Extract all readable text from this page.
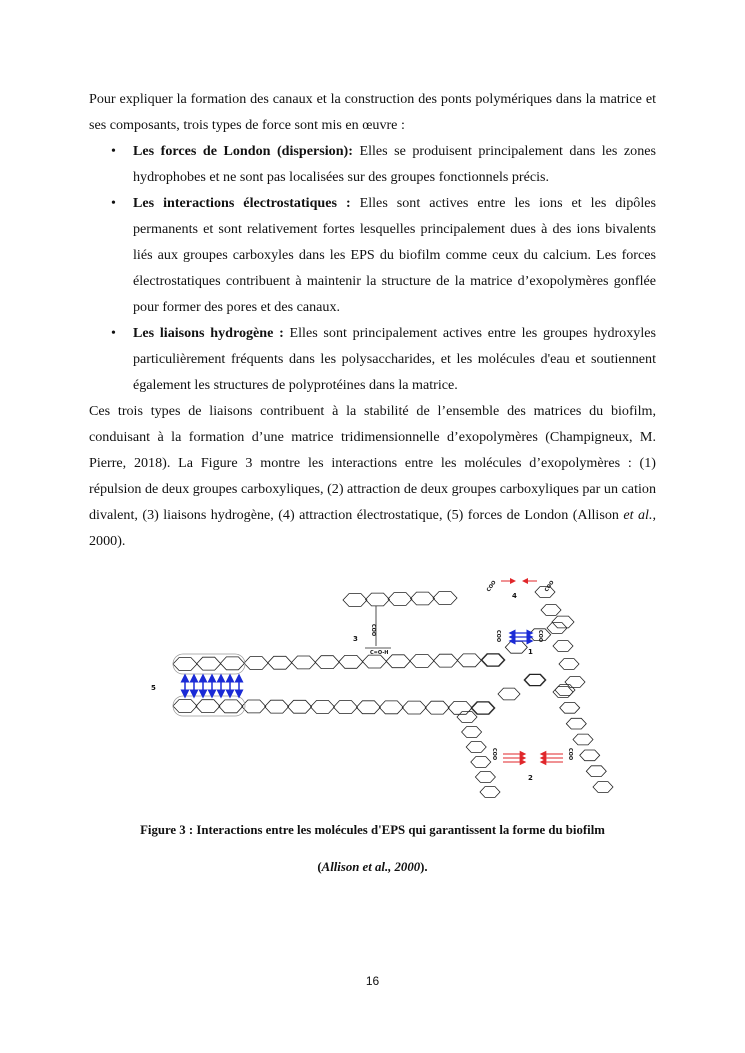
Pour expliquer la formation des canaux et la construction des ponts polymériques dans la matrice et ses composants, trois types de force sont mis en œuvre :

• Les forces de London (dispersion): Elles se produisent principalement dans les zones hydrophobes et ne sont pas localisées sur des groupes fonctionnels précis.
• Les interactions électrostatiques : Elles sont actives entre les ions et les dipôles permanents et sont relativement fortes lesquelles principalement dues à des ions bivalents liés aux groupes carboxyles dans les EPS du biofilm comme ceux du calcium. Les forces électrostatiques contribuent à maintenir la structure de la matrice d’exopolymères gonflée pour former des pores et des canaux.
• Les liaisons hydrogène : Elles sont principalement actives entre les groupes hydroxyles particulièrement fréquents dans les polysaccharides, et les molécules d'eau et soutiennent également les structures de polyprotéines dans la matrice.

Ces trois types de liaisons contribuent à la stabilité de l’ensemble des matrices du biofilm, conduisant à la formation d’une matrice tridimensionnelle d’exopolymères (Champigneux, M. Pierre, 2018). La Figure 3 montre les interactions entre les molécules d’exopolymères : (1) répulsion de deux groupes carboxyliques, (2) attraction de deux groupes carboxyliques par un cation divalent, (3) liaisons hydrogène, (4) attraction électrostatique, (5) forces de London (Allison et al., 2000).

COO
C=O-H
COO	COO
COO	COO
COO	COO
1
2
3
4
5
Figure 3 : Interactions entre les molécules d'EPS qui garantissent la forme du biofilm
(Allison et al., 2000).
16
